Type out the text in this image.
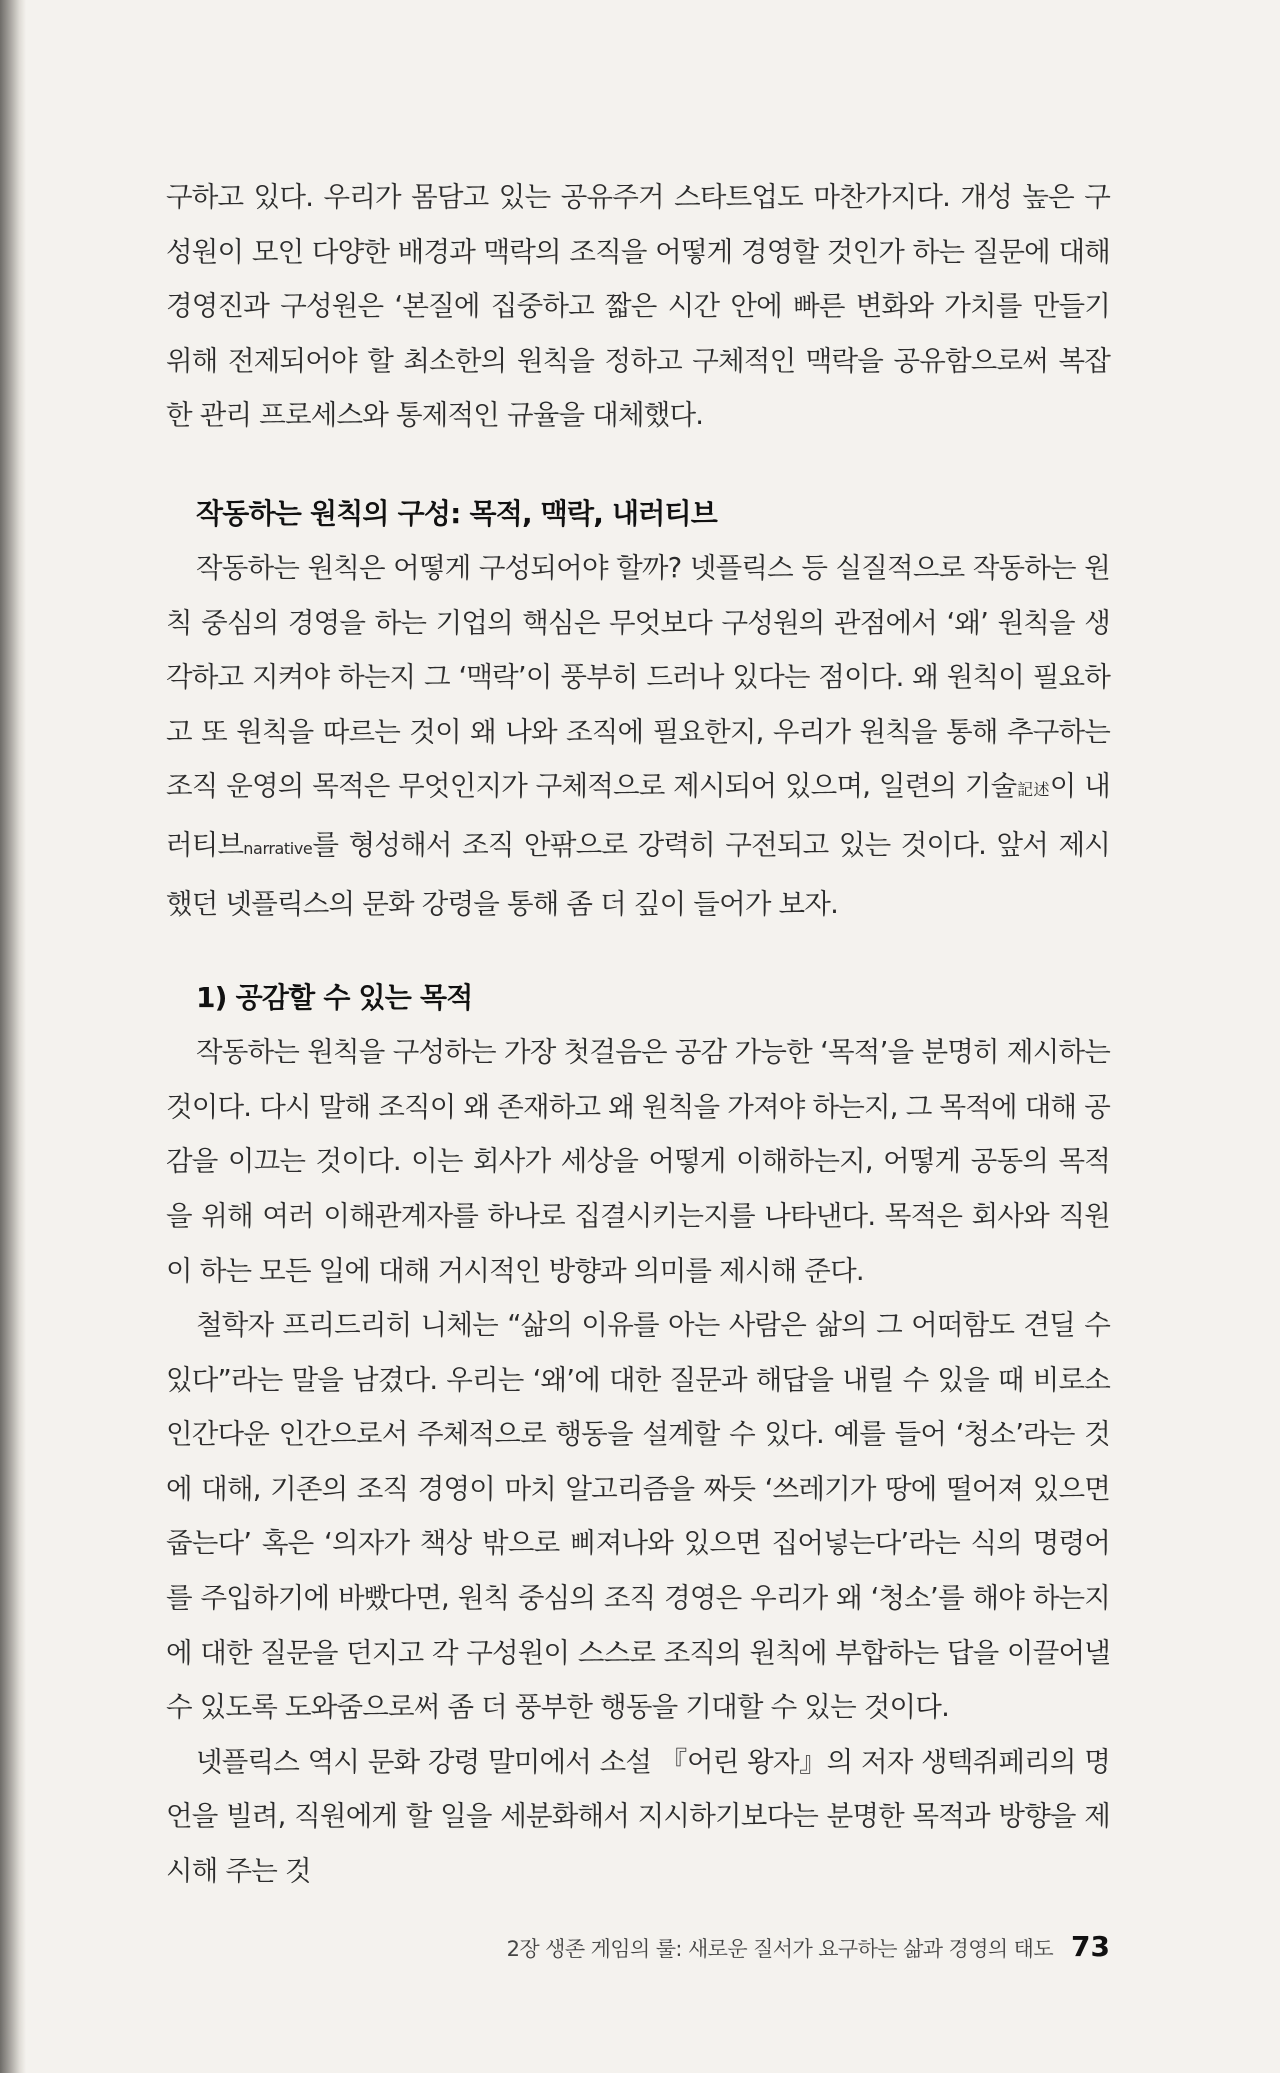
구하고 있다. 우리가 몸담고 있는 공유주거 스타트업도 마찬가지다. 개성 높은 구성원이 모인 다양한 배경과 맥락의 조직을 어떻게 경영할 것인가 하는 질문에 대해 경영진과 구성원은 ‘본질에 집중하고 짧은 시간 안에 빠른 변화와 가치를 만들기 위해 전제되어야 할 최소한의 원칙을 정하고 구체적인 맥락을 공유함으로써 복잡한 관리 프로세스와 통제적인 규율을 대체했다.

작동하는 원칙의 구성: 목적, 맥락, 내러티브

작동하는 원칙은 어떻게 구성되어야 할까? 넷플릭스 등 실질적으로 작동하는 원칙 중심의 경영을 하는 기업의 핵심은 무엇보다 구성원의 관점에서 ‘왜’ 원칙을 생각하고 지켜야 하는지 그 ‘맥락’이 풍부히 드러나 있다는 점이다. 왜 원칙이 필요하고 또 원칙을 따르는 것이 왜 나와 조직에 필요한지, 우리가 원칙을 통해 추구하는 조직 운영의 목적은 무엇인지가 구체적으로 제시되어 있으며, 일련의 기술記述이 내러티브narrative를 형성해서 조직 안팎으로 강력히 구전되고 있는 것이다. 앞서 제시했던 넷플릭스의 문화 강령을 통해 좀 더 깊이 들어가 보자.

1) 공감할 수 있는 목적

작동하는 원칙을 구성하는 가장 첫걸음은 공감 가능한 ‘목적’을 분명히 제시하는 것이다. 다시 말해 조직이 왜 존재하고 왜 원칙을 가져야 하는지, 그 목적에 대해 공감을 이끄는 것이다. 이는 회사가 세상을 어떻게 이해하는지, 어떻게 공동의 목적을 위해 여러 이해관계자를 하나로 집결시키는지를 나타낸다. 목적은 회사와 직원이 하는 모든 일에 대해 거시적인 방향과 의미를 제시해 준다.

철학자 프리드리히 니체는 “삶의 이유를 아는 사람은 삶의 그 어떠함도 견딜 수 있다”라는 말을 남겼다. 우리는 ‘왜’에 대한 질문과 해답을 내릴 수 있을 때 비로소 인간다운 인간으로서 주체적으로 행동을 설계할 수 있다. 예를 들어 ‘청소’라는 것에 대해, 기존의 조직 경영이 마치 알고리즘을 짜듯 ‘쓰레기가 땅에 떨어져 있으면 줍는다’ 혹은 ‘의자가 책상 밖으로 삐져나와 있으면 집어넣는다’라는 식의 명령어를 주입하기에 바빴다면, 원칙 중심의 조직 경영은 우리가 왜 ‘청소’를 해야 하는지에 대한 질문을 던지고 각 구성원이 스스로 조직의 원칙에 부합하는 답을 이끌어낼 수 있도록 도와줌으로써 좀 더 풍부한 행동을 기대할 수 있는 것이다.

넷플릭스 역시 문화 강령 말미에서 소설 『어린 왕자』의 저자 생텍쥐페리의 명언을 빌려, 직원에게 할 일을 세분화해서 지시하기보다는 분명한 목적과 방향을 제시해 주는 것

2장 생존 게임의 룰: 새로운 질서가 요구하는 삶과 경영의 태도 73
